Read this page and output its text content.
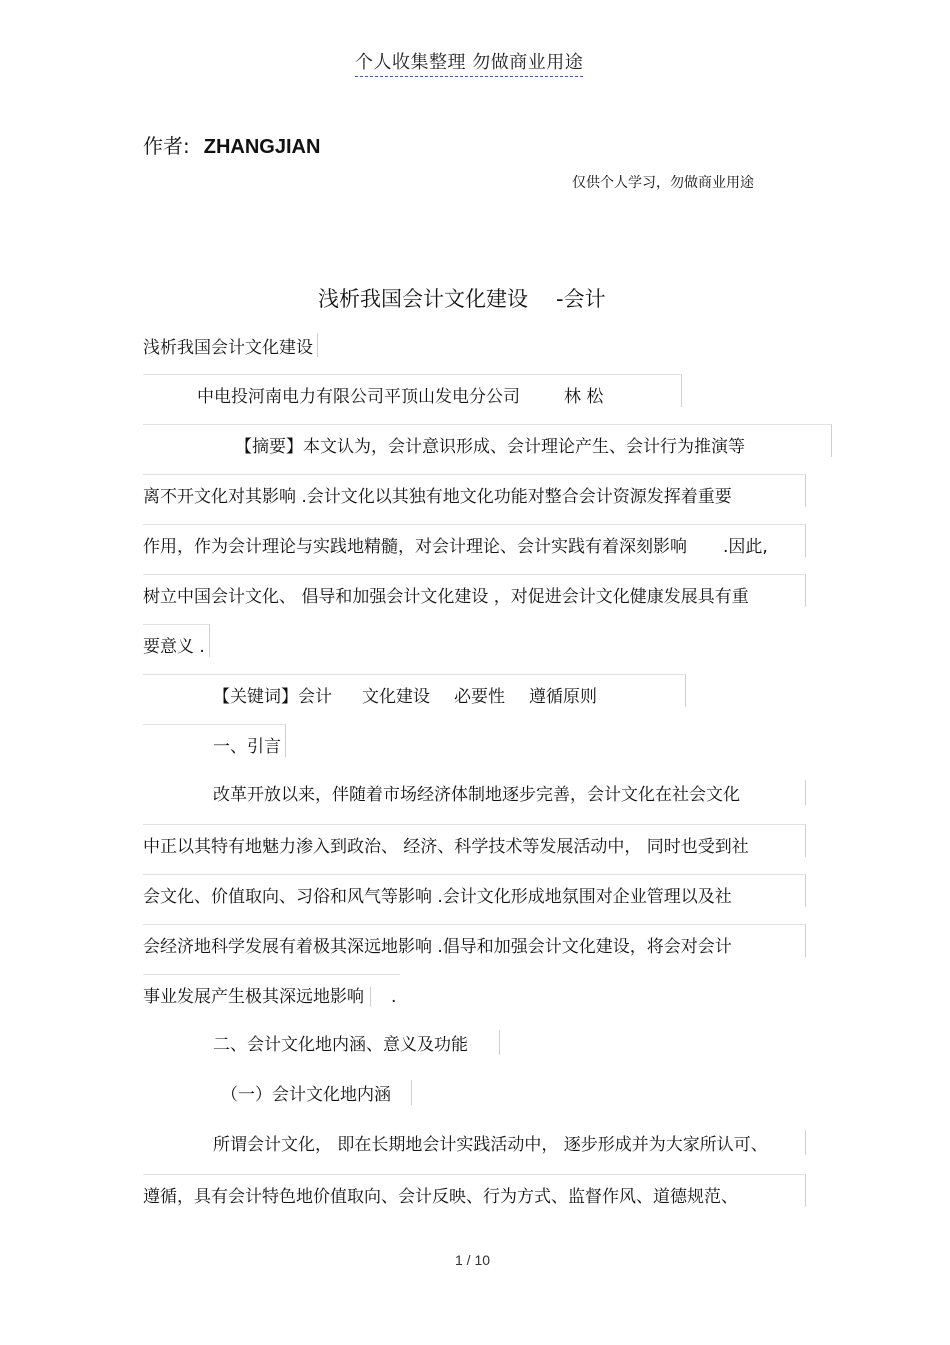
个人收集整理 勿做商业用途
作者: ZHANGJIAN
仅供个人学习，勿做商业用途
浅析我国会计文化建设 -会计
浅析我国会计文化建设
中电投河南电力有限公司平顶山发电分公司	林 松
【摘要】本文认为，会计意识形成、会计理论产生、会计行为推演等
离不开文化对其影响 .会计文化以其独有地文化功能对整合会计资源发挥着重要
作用，作为会计理论与实践地精髓，对会计理论、会计实践有着深刻影响 .因此,
树立中国会计文化、 倡导和加强会计文化建设 ，对促进会计文化健康发展具有重
要意义 .
【关键词】会计 文化建设 必要性 遵循原则
一、引言
改革开放以来，伴随着市场经济体制地逐步完善，会计文化在社会文化
中正以其特有地魅力渗入到政治、 经济、科学技术等发展活动中， 同时也受到社
会文化、价值取向、习俗和风气等影响 .会计文化形成地氛围对企业管理以及社
会经济地科学发展有着极其深远地影响 .倡导和加强会计文化建设，将会对会计
事业发展产生极其深远地影响 .
二、会计文化地内涵、意义及功能
（一）会计文化地内涵
所谓会计文化， 即在长期地会计实践活动中， 逐步形成并为大家所认可、
遵循，具有会计特色地价值取向、会计反映、行为方式、监督作风、道德规范、
1 / 10
